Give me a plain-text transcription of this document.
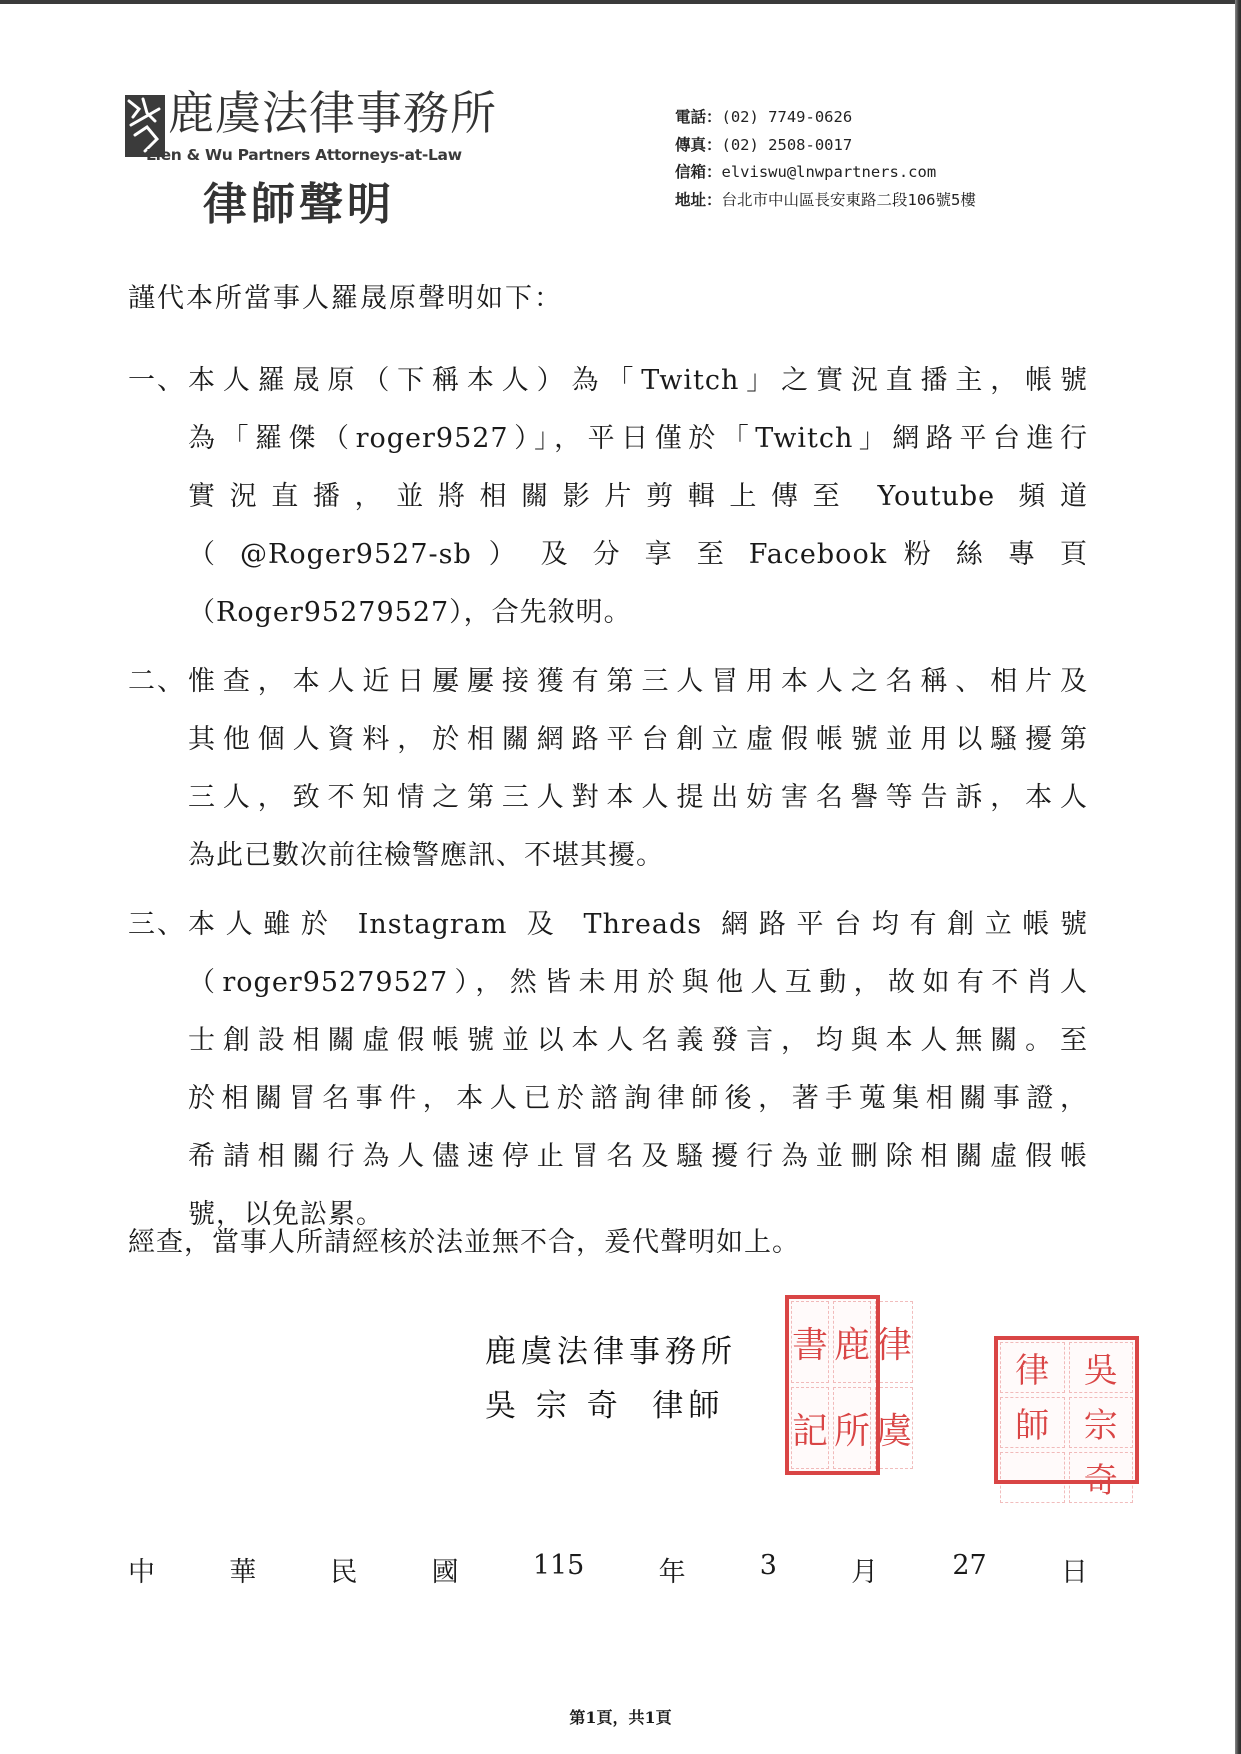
鹿虞法律事務所
Lien & Wu Partners Attorneys-at-Law
律師聲明
電話：(02) 7749-0626
傳真：(02) 2508-0017
信箱：elviswu@lnwpartners.com
地址：台北市中山區長安東路二段106號5樓
謹代本所當事人羅晟原聲明如下：
一、 本人羅晟原（下稱本人）為「Twitch」之實況直播主，帳號
為「羅傑（roger9527）」，平日僅於「Twitch」網路平台進行
實況直播，並將相關影片剪輯上傳至 Youtube 頻道
（ @Roger9527-sb ） 及 分 享 至 Facebook 粉 絲 專 頁
（Roger95279527），合先敘明。
二、 惟查，本人近日屢屢接獲有第三人冒用本人之名稱、相片及
其他個人資料，於相關網路平台創立虛假帳號並用以騷擾第
三人，致不知情之第三人對本人提出妨害名譽等告訴，本人
為此已數次前往檢警應訊、不堪其擾。
三、 本人雖於 Instagram 及 Threads 網路平台均有創立帳號
（roger95279527），然皆未用於與他人互動，故如有不肖人
士創設相關虛假帳號並以本人名義發言，均與本人無關。至
於相關冒名事件，本人已於諮詢律師後，著手蒐集相關事證，
希請相關行為人儘速停止冒名及騷擾行為並刪除相關虛假帳
號，以免訟累。
經查，當事人所請經核於法並無不合，爰代聲明如上。
鹿虞法律事務所
吳 宗 奇  律師
書 鹿 律
記 所 虞
律	吳
師	宗
奇
中	華	民	國	115	年	3	月	27	日
第1頁，共1頁
